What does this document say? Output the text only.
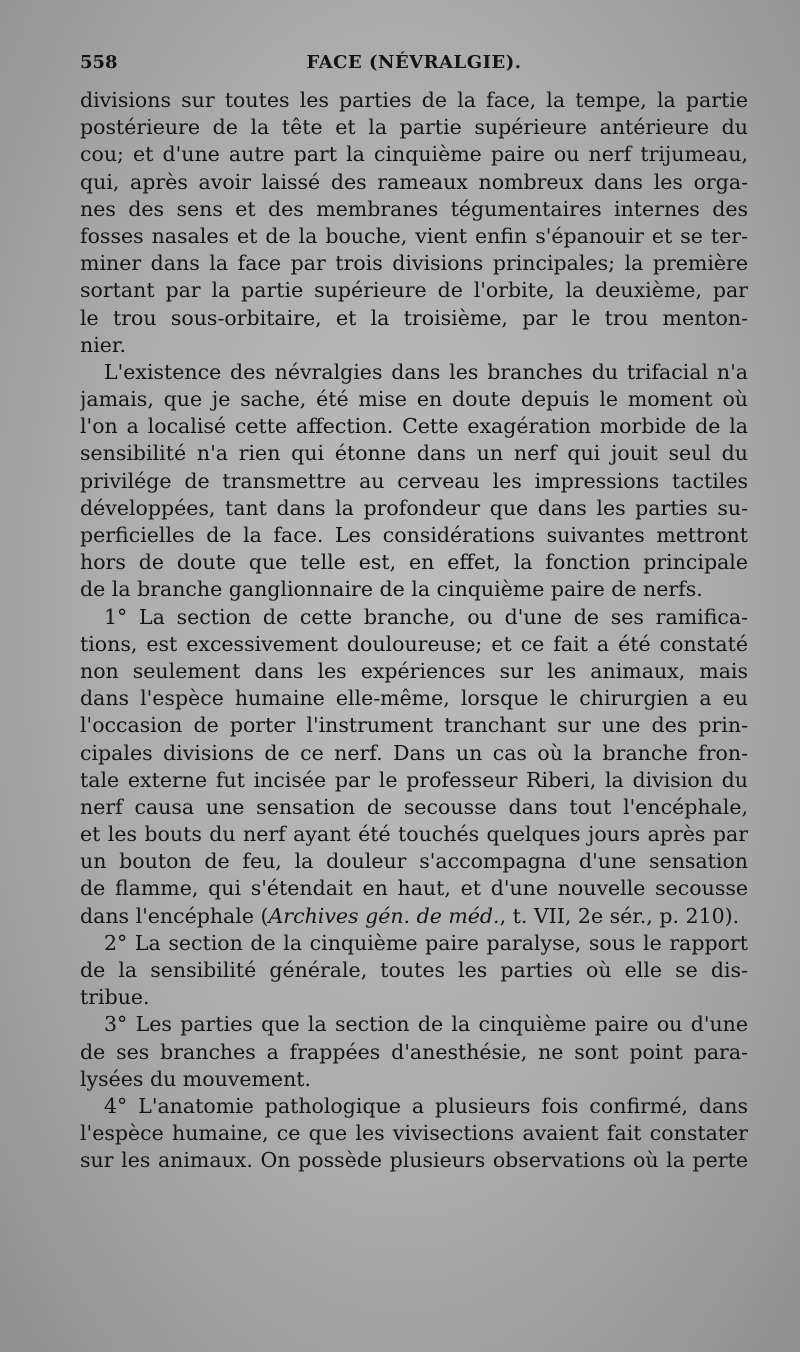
558	FACE (NÉVRALGIE).
divisions sur toutes les parties de la face, la tempe, la partie
postérieure de la tête et la partie supérieure antérieure du
cou; et d'une autre part la cinquième paire ou nerf trijumeau,
qui, après avoir laissé des rameaux nombreux dans les orga-
nes des sens et des membranes tégumentaires internes des
fosses nasales et de la bouche, vient enfin s'épanouir et se ter-
miner dans la face par trois divisions principales; la première
sortant par la partie supérieure de l'orbite, la deuxième, par
le trou sous-orbitaire, et la troisième, par le trou menton-
nier.
L'existence des névralgies dans les branches du trifacial n'a
jamais, que je sache, été mise en doute depuis le moment où
l'on a localisé cette affection. Cette exagération morbide de la
sensibilité n'a rien qui étonne dans un nerf qui jouit seul du
privilége de transmettre au cerveau les impressions tactiles
développées, tant dans la profondeur que dans les parties su-
perficielles de la face. Les considérations suivantes mettront
hors de doute que telle est, en effet, la fonction principale
de la branche ganglionnaire de la cinquième paire de nerfs.
1° La section de cette branche, ou d'une de ses ramifica-
tions, est excessivement douloureuse; et ce fait a été constaté
non seulement dans les expériences sur les animaux, mais
dans l'espèce humaine elle-même, lorsque le chirurgien a eu
l'occasion de porter l'instrument tranchant sur une des prin-
cipales divisions de ce nerf. Dans un cas où la branche fron-
tale externe fut incisée par le professeur Riberi, la division du
nerf causa une sensation de secousse dans tout l'encéphale,
et les bouts du nerf ayant été touchés quelques jours après par
un bouton de feu, la douleur s'accompagna d'une sensation
de flamme, qui s'étendait en haut, et d'une nouvelle secousse
dans l'encéphale (Archives gén. de méd., t. VII, 2e sér., p. 210).
2° La section de la cinquième paire paralyse, sous le rapport
de la sensibilité générale, toutes les parties où elle se dis-
tribue.
3° Les parties que la section de la cinquième paire ou d'une
de ses branches a frappées d'anesthésie, ne sont point para-
lysées du mouvement.
4° L'anatomie pathologique a plusieurs fois confirmé, dans
l'espèce humaine, ce que les vivisections avaient fait constater
sur les animaux. On possède plusieurs observations où la perte
